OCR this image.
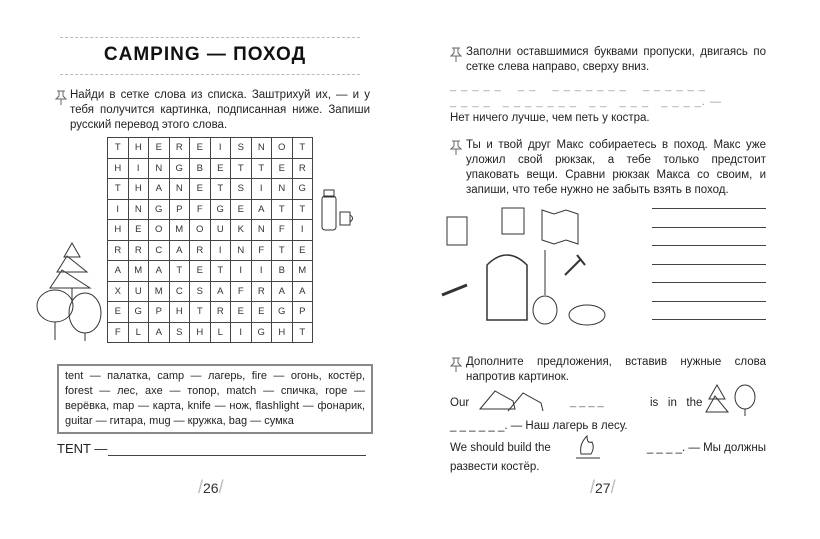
CAMPING — ПОХОД
Найди в сетке слова из списка. Заштрихуй их, — и у тебя получится картинка, подписанная ниже. Запиши русский перевод этого слова.
T	H	E	R	E	I	S	N	O	T
H	I	N	G	B	E	T	T	E	R
T	H	A	N	E	T	S	I	N	G
I	N	G	P	F	G	E	A	T	T
H	E	O	M	O	U	K	N	F	I
R	R	C	A	R	I	N	F	T	E
A	M	A	T	E	T	I	I	B	M
X	U	M	C	S	A	F	R	A	A
E	G	P	H	T	R	E	E	G	P
F	L	A	S	H	L	I	G	H	T
tent — палатка, camp — лагерь, fire — огонь, костёр, forest — лес, axe — топор, match — спичка, rope — верёвка, map — карта, knife — нож, flashlight — фонарик, guitar — гитара, mug — кружка, bag — сумка
TENT —
/26/
Заполни оставшимися буквами пропуски, двигаясь по сетке слева направо, сверху вниз.
_ _ _ _ _    _ _    _ _ _ _ _ _ _    _ _ _ _ _ _
_ _ _ _   _ _ _ _ _ _ _   _ _   _ _ _   _ _ _ _. —
Нет ничего лучше, чем петь у костра.
Ты и твой друг Макс собираетесь в поход. Макс уже уложил свой рюкзак, а тебе только предстоит упаковать вещи. Сравни рюкзак Макса со своим, и запиши, что тебе нужно не забыть взять в поход.
Дополните предложения, вставив нужные слова напротив картинок.
Our	_ _ _ _	is   in   the
_ _ _ _ _ _. — Наш лагерь в лесу.
We should build the	_ _ _ _. — Мы должны
развести костёр.
/27/
